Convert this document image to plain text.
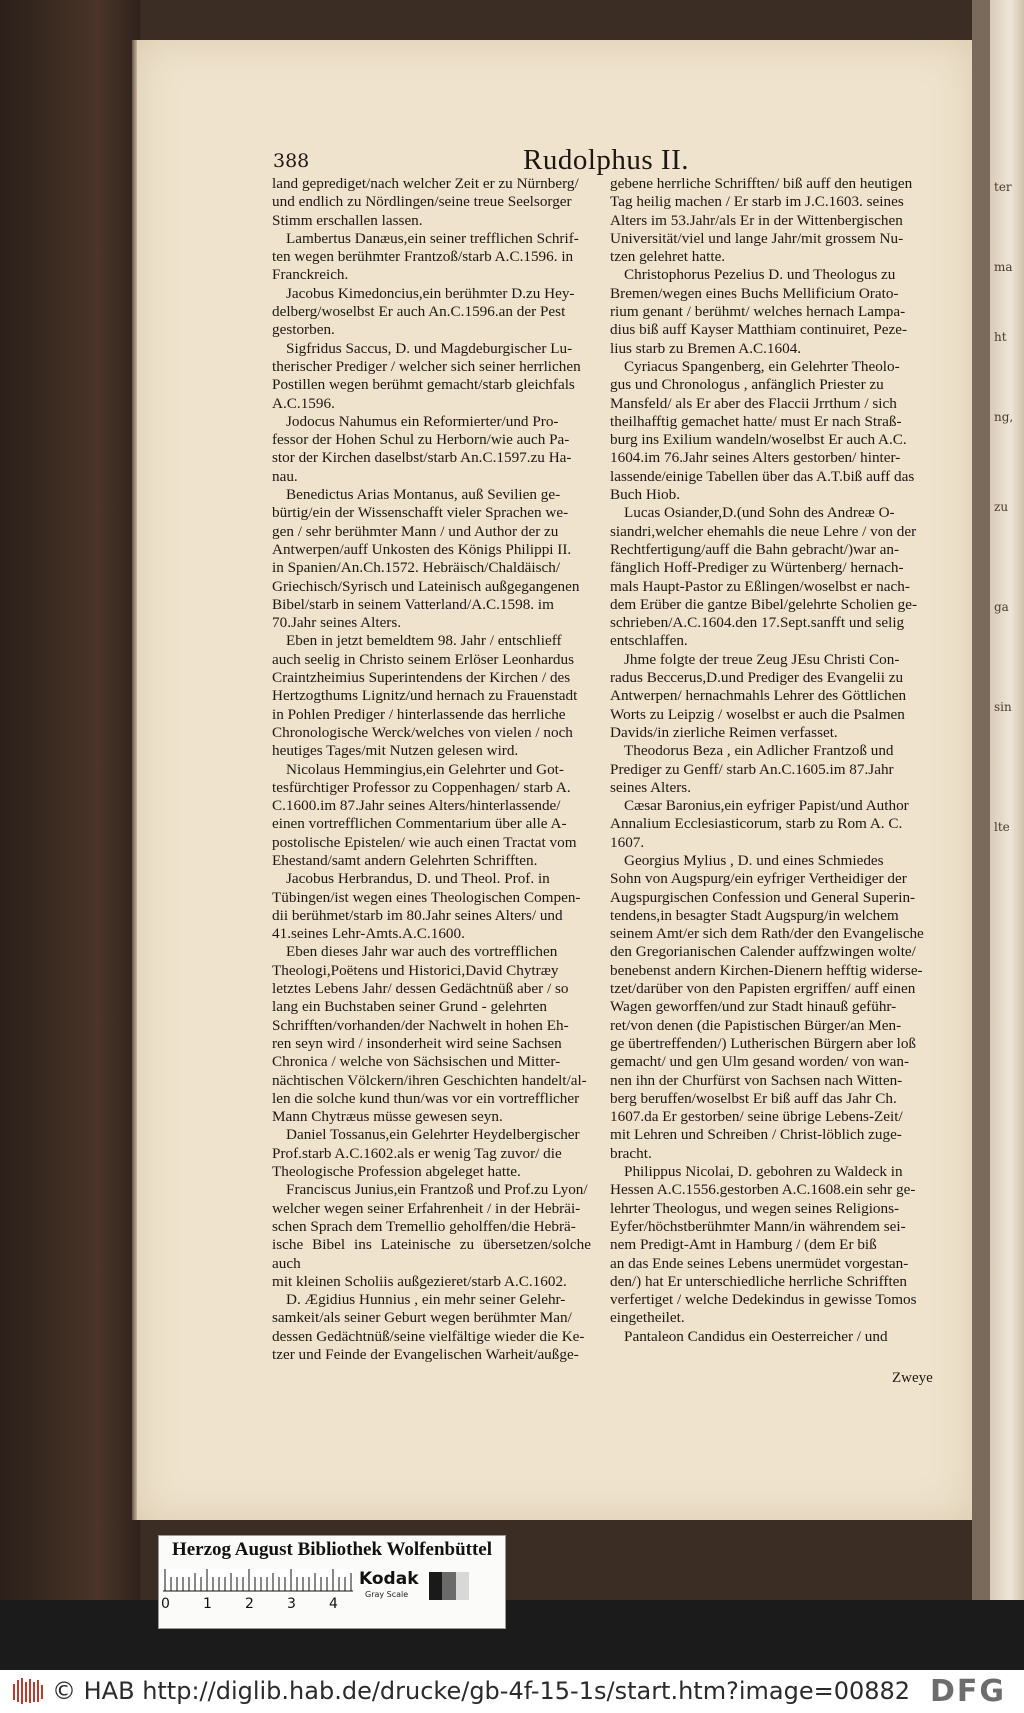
ter
ma
ht
ng,
zu
ga
sin
lte
388	Rudolphus II.

land geprediget/nach welcher Zeit er zu Nürnberg/
und endlich zu Nördlingen/seine treue Seelsorger
Stimm erschallen lassen.

Lambertus Danæus,ein seiner trefflichen Schrif-
ten wegen berühmter Frantzoß/starb A.C.1596. in
Franckreich.

Jacobus Kimedoncius,ein berühmter D.zu Hey-
delberg/woselbst Er auch An.C.1596.an der Pest
gestorben.

Sigfridus Saccus, D. und Magdeburgischer Lu-
therischer Prediger / welcher sich seiner herrlichen
Postillen wegen berühmt gemacht/starb gleichfals
A.C.1596.

Jodocus Nahumus ein Reformierter/und Pro-
fessor der Hohen Schul zu Herborn/wie auch Pa-
stor der Kirchen daselbst/starb An.C.1597.zu Ha-
nau.

Benedictus Arias Montanus, auß Sevilien ge-
bürtig/ein der Wissenschafft vieler Sprachen we-
gen / sehr berühmter Mann / und Author der zu
Antwerpen/auff Unkosten des Königs Philippi II.
in Spanien/An.Ch.1572. Hebräisch/Chaldäisch/
Griechisch/Syrisch und Lateinisch außgegangenen
Bibel/starb in seinem Vatterland/A.C.1598. im
70.Jahr seines Alters.

Eben in jetzt bemeldtem 98. Jahr / entschlieff
auch seelig in Christo seinem Erlöser Leonhardus
Craintzheimius Superintendens der Kirchen / des
Hertzogthums Lignitz/und hernach zu Frauenstadt
in Pohlen Prediger / hinterlassende das herrliche
Chronologische Werck/welches von vielen / noch
heutiges Tages/mit Nutzen gelesen wird.

Nicolaus Hemmingius,ein Gelehrter und Got-
tesfürchtiger Professor zu Coppenhagen/ starb A.
C.1600.im 87.Jahr seines Alters/hinterlassende/
einen vortrefflichen Commentarium über alle A-
postolische Epistelen/ wie auch einen Tractat vom
Ehestand/samt andern Gelehrten Schrifften.

Jacobus Herbrandus, D. und Theol. Prof. in
Tübingen/ist wegen eines Theologischen Compen-
dii berühmet/starb im 80.Jahr seines Alters/ und
41.seines Lehr-Amts.A.C.1600.

Eben dieses Jahr war auch des vortrefflichen
Theologi,Poëtens und Historici,David Chytræy
letztes Lebens Jahr/ dessen Gedächtnüß aber / so
lang ein Buchstaben seiner Grund - gelehrten
Schrifften/vorhanden/der Nachwelt in hohen Eh-
ren seyn wird / insonderheit wird seine Sachsen
Chronica / welche von Sächsischen und Mitter-
nächtischen Völckern/ihren Geschichten handelt/al-
len die solche kund thun/was vor ein vortrefflicher
Mann Chytræus müsse gewesen seyn.

Daniel Tossanus,ein Gelehrter Heydelbergischer
Prof.starb A.C.1602.als er wenig Tag zuvor/ die
Theologische Profession abgeleget hatte.

Franciscus Junius,ein Frantzoß und Prof.zu Lyon/
welcher wegen seiner Erfahrenheit / in der Hebräi-
schen Sprach dem Tremellio geholffen/die Hebrä-
ische Bibel ins Lateinische zu übersetzen/solche auch
mit kleinen Scholiis außgezieret/starb A.C.1602.

D. Ægidius Hunnius , ein mehr seiner Gelehr-
samkeit/als seiner Geburt wegen berühmter Man/
dessen Gedächtnüß/seine vielfältige wieder die Ke-
tzer und Feinde der Evangelischen Warheit/außge-

gebene herrliche Schrifften/ biß auff den heutigen
Tag heilig machen / Er starb im J.C.1603. seines
Alters im 53.Jahr/als Er in der Wittenbergischen
Universität/viel und lange Jahr/mit grossem Nu-
tzen gelehret hatte.

Christophorus Pezelius D. und Theologus zu
Bremen/wegen eines Buchs Mellificium Orato-
rium genant / berühmt/ welches hernach Lampa-
dius biß auff Kayser Matthiam continuiret, Peze-
lius starb zu Bremen A.C.1604.

Cyriacus Spangenberg, ein Gelehrter Theolo-
gus und Chronologus , anfänglich Priester zu
Mansfeld/ als Er aber des Flaccii Jrrthum / sich
theilhafftig gemachet hatte/ must Er nach Straß-
burg ins Exilium wandeln/woselbst Er auch A.C.
1604.im 76.Jahr seines Alters gestorben/ hinter-
lassende/einige Tabellen über das A.T.biß auff das
Buch Hiob.

Lucas Osiander,D.(und Sohn des Andreæ O-
siandri,welcher ehemahls die neue Lehre / von der
Rechtfertigung/auff die Bahn gebracht/)war an-
fänglich Hoff-Prediger zu Würtenberg/ hernach-
mals Haupt-Pastor zu Eßlingen/woselbst er nach-
dem Erüber die gantze Bibel/gelehrte Scholien ge-
schrieben/A.C.1604.den 17.Sept.sanfft und selig
entschlaffen.

Jhme folgte der treue Zeug JEsu Christi Con-
radus Beccerus,D.und Prediger des Evangelii zu
Antwerpen/ hernachmahls Lehrer des Göttlichen
Worts zu Leipzig / woselbst er auch die Psalmen
Davids/in zierliche Reimen verfasset.

Theodorus Beza , ein Adlicher Frantzoß und
Prediger zu Genff/ starb An.C.1605.im 87.Jahr
seines Alters.

Cæsar Baronius,ein eyfriger Papist/und Author
Annalium Ecclesiasticorum, starb zu Rom A. C.
1607.

Georgius Mylius , D. und eines Schmiedes
Sohn von Augspurg/ein eyfriger Vertheidiger der
Augspurgischen Confession und General Superin-
tendens,in besagter Stadt Augspurg/in welchem
seinem Amt/er sich dem Rath/der den Evangelische
den Gregorianischen Calender auffzwingen wolte/
benebenst andern Kirchen-Dienern hefftig widerse-
tzet/darüber von den Papisten ergriffen/ auff einen
Wagen geworffen/und zur Stadt hinauß geführ-
ret/von denen (die Papistischen Bürger/an Men-
ge übertreffenden/) Lutherischen Bürgern aber loß
gemacht/ und gen Ulm gesand worden/ von wan-
nen ihn der Churfürst von Sachsen nach Witten-
berg beruffen/woselbst Er biß auff das Jahr Ch.
1607.da Er gestorben/ seine übrige Lebens-Zeit/
mit Lehren und Schreiben / Christ-löblich zuge-
bracht.

Philippus Nicolai, D. gebohren zu Waldeck in
Hessen A.C.1556.gestorben A.C.1608.ein sehr ge-
lehrter Theologus, und wegen seines Religions-
Eyfer/höchstberühmter Mann/in währendem sei-
nem Predigt-Amt in Hamburg / (dem Er biß
an das Ende seines Lebens unermüdet vorgestan-
den/) hat Er unterschiedliche herrliche Schrifften
verfertiget / welche Dedekindus in gewisse Tomos
eingetheilet.

Pantaleon Candidus ein Oesterreicher / und

Zweye
Herzog August Bibliothek Wolfenbüttel
0 1 2 3 4
Kodak
Gray Scale
© HAB http://diglib.hab.de/drucke/gb-4f-15-1s/start.htm?image=00882 DFG
